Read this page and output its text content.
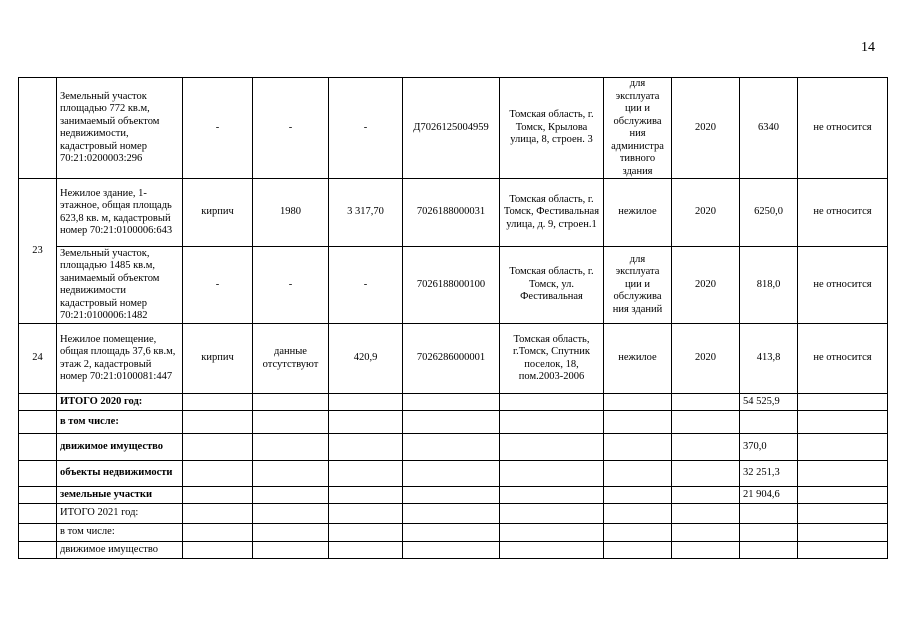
14
	Земельный участок площадью 772 кв.м, занимаемый объектом недвижимости, кадастровый номер 70:21:0200003:296	-	-	-	Д7026125004959	Томская область, г. Томск, Крылова улица, 8, строен. 3	для эксплуата ции и обслужива ния администра тивного здания	2020	6340	не относится
23	Нежилое здание, 1-этажное, общая площадь 623,8 кв. м, кадастровый номер 70:21:0100006:643	кирпич	1980	3 317,70	7026188000031	Томская область, г. Томск, Фестивальная улица, д. 9, строен.1	нежилое	2020	6250,0	не относится
	Земельный участок, площадью 1485 кв.м, занимаемый объектом недвижимости кадастровый номер 70:21:0100006:1482	-	-	-	7026188000100	Томская область, г. Томск, ул. Фестивальная	для эксплуата ции и обслужива ния зданий	2020	818,0	не относится
24	Нежилое помещение, общая площадь 37,6 кв.м, этаж 2, кадастровый номер 70:21:0100081:447	кирпич	данные отсутствуют	420,9	7026286000001	Томская область, г.Томск, Спутник поселок, 18, пом.2003-2006	нежилое	2020	413,8	не относится
	ИТОГО 2020 год:								54 525,9	
	в том числе:									
	движимое имущество								370,0	
	объекты недвижимости								32 251,3	
	земельные участки								21 904,6	
	ИТОГО 2021 год:									
	в том числе:									
	движимое имущество									
